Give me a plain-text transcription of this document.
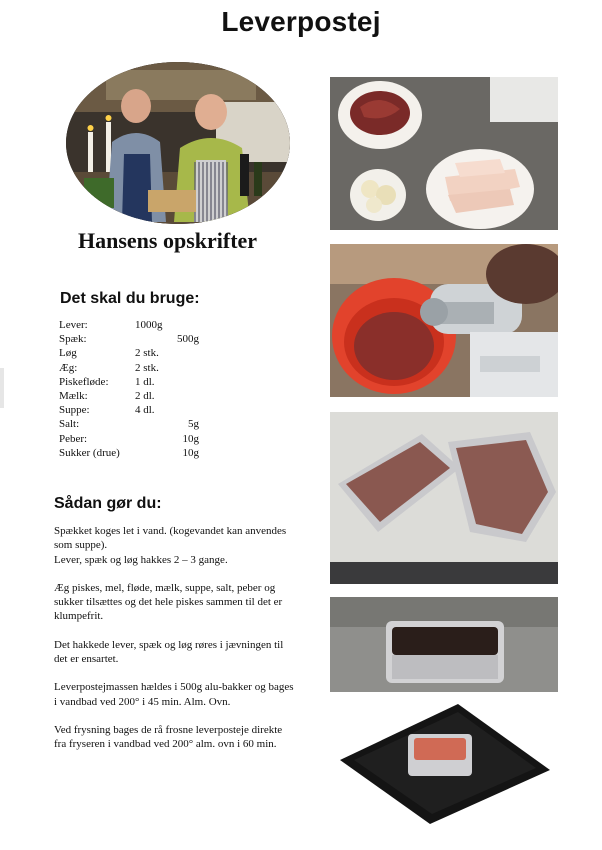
Leverpostej
Hansens opskrifter
Det skal du bruge:
Lever:	1000g
Spæk:	500g
Løg	2 stk.
Æg:	2 stk.
Piskefløde:	1 dl.
Mælk:	2 dl.
Suppe:	4 dl.
Salt:	5g
Peber:	10g
Sukker (drue)	10g
Sådan gør du:

Spækket koges let i vand. (kogevandet kan anvendes som suppe).
Lever, spæk og løg hakkes 2 – 3 gange.

Æg piskes, mel, fløde, mælk, suppe, salt, peber og sukker tilsættes og det hele piskes sammen til det er klumpefrit.

Det hakkede lever, spæk og løg røres i jævningen til det er ensartet.

Leverpostejmassen hældes i 500g alu-bakker og bages i vandbad ved 200° i 45 min. Alm. Ovn.

Ved frysning bages de rå frosne leverposteje direkte fra fryseren i vandbad ved 200° alm. ovn i 60 min.
